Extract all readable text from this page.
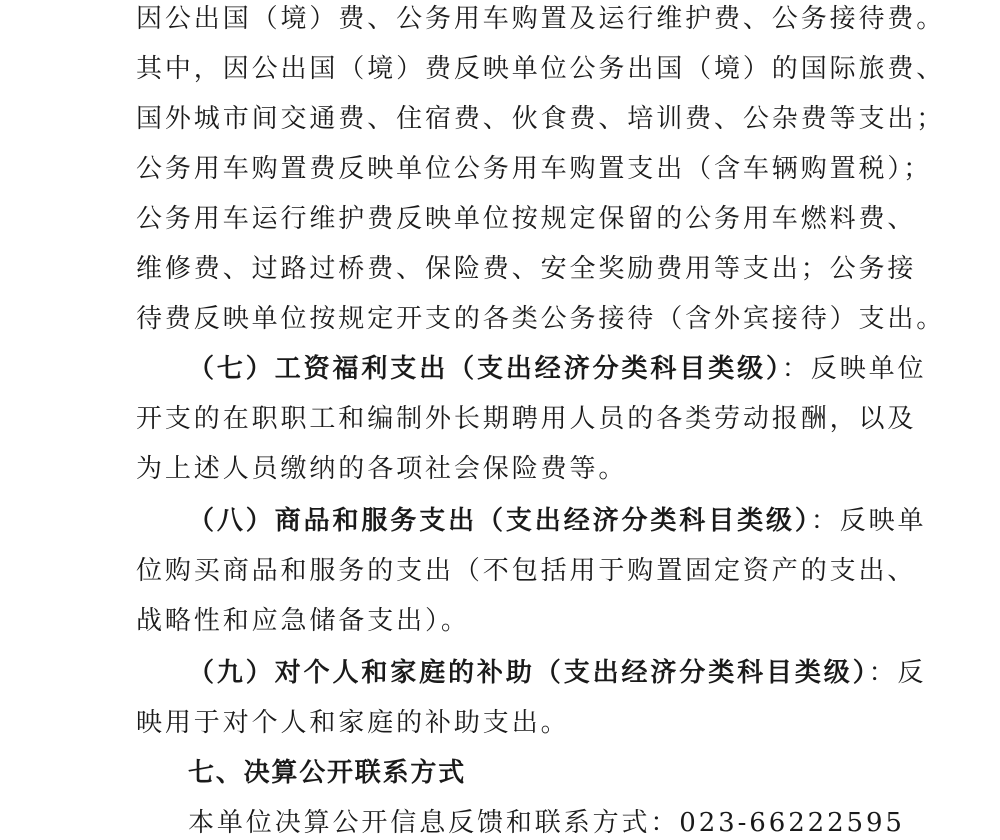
因公出国（境）费、公务用车购置及运行维护费、公务接待费。
其中，因公出国（境）费反映单位公务出国（境）的国际旅费、
国外城市间交通费、住宿费、伙食费、培训费、公杂费等支出；
公务用车购置费反映单位公务用车购置支出（含车辆购置税）；
公务用车运行维护费反映单位按规定保留的公务用车燃料费、
维修费、过路过桥费、保险费、安全奖励费用等支出；公务接
待费反映单位按规定开支的各类公务接待（含外宾接待）支出。
（七）工资福利支出（支出经济分类科目类级）：反映单位
开支的在职职工和编制外长期聘用人员的各类劳动报酬，以及
为上述人员缴纳的各项社会保险费等。
（八）商品和服务支出（支出经济分类科目类级）：反映单
位购买商品和服务的支出（不包括用于购置固定资产的支出、
战略性和应急储备支出）。
（九）对个人和家庭的补助（支出经济分类科目类级）：反
映用于对个人和家庭的补助支出。
七、决算公开联系方式
本单位决算公开信息反馈和联系方式：023-66222595
